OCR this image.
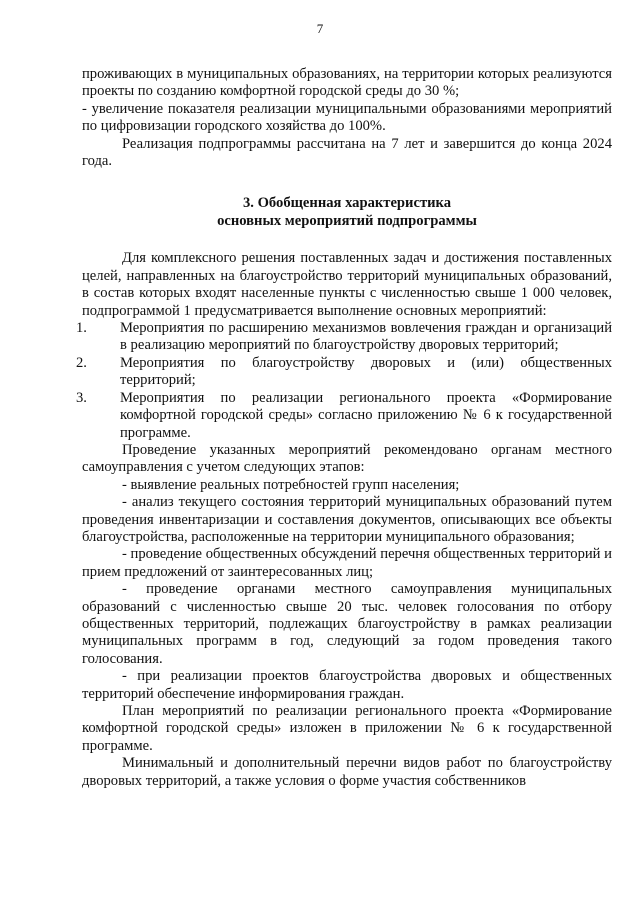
7

проживающих в муниципальных образованиях, на территории которых реализуются проекты по созданию комфортной городской среды до 30 %;

- увеличение показателя реализации муниципальными образованиями мероприятий по цифровизации городского хозяйства до 100%.

Реализация подпрограммы рассчитана на 7 лет и завершится до конца 2024 года.

3. Обобщенная характеристика

основных мероприятий подпрограммы

Для комплексного решения поставленных задач и достижения поставленных целей, направленных на благоустройство территорий муниципальных образований, в состав которых входят населенные пункты с численностью свыше 1 000 человек, подпрограммой 1 предусматривается выполнение основных мероприятий:

1. Мероприятия по расширению механизмов вовлечения граждан и организаций в реализацию мероприятий по благоустройству дворовых территорий;
2. Мероприятия по благоустройству дворовых и (или) общественных территорий;
3. Мероприятия по реализации регионального проекта «Формирование комфортной городской среды» согласно приложению № 6 к государственной программе.

Проведение указанных мероприятий рекомендовано органам местного самоуправления с учетом следующих этапов:

- выявление реальных потребностей групп населения;

- анализ текущего состояния территорий муниципальных образований путем проведения инвентаризации и составления документов, описывающих все объекты благоустройства, расположенные на территории муниципального образования;

- проведение общественных обсуждений перечня общественных территорий и прием предложений от заинтересованных лиц;

- проведение органами местного самоуправления муниципальных образований с численностью свыше 20 тыс. человек голосования по отбору общественных территорий, подлежащих благоустройству в рамках реализации муниципальных программ в год, следующий за годом проведения такого голосования.

- при реализации проектов благоустройства дворовых и общественных территорий обеспечение информирования граждан.

План мероприятий по реализации регионального проекта «Формирование комфортной городской среды» изложен в приложении № 6 к государственной программе.

Минимальный и дополнительный перечни видов работ по благоустройству дворовых территорий, а также условия о форме участия собственников
